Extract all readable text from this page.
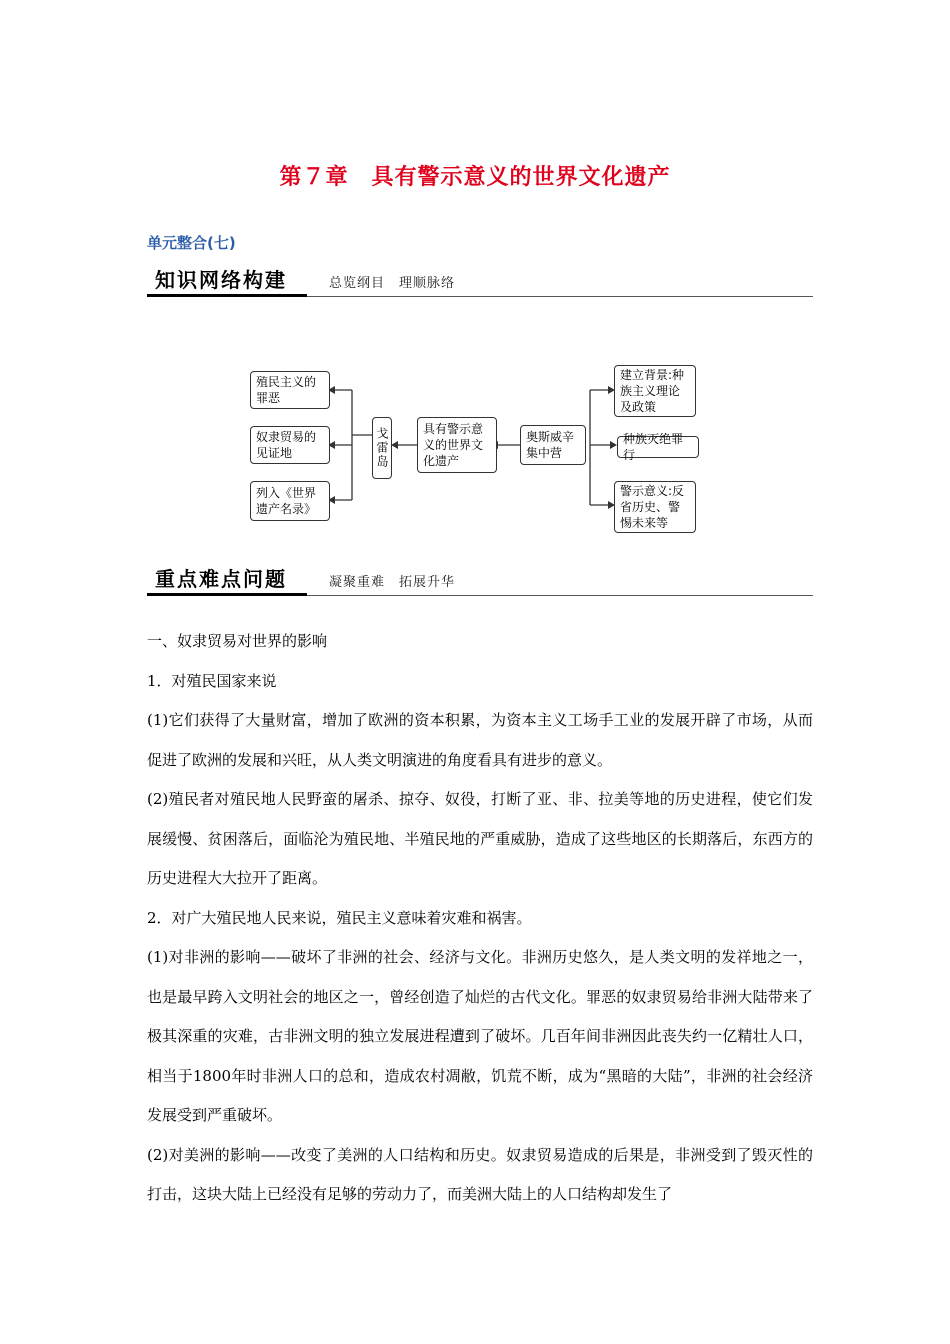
第７章　具有警示意义的世界文化遗产
单元整合(七)
知识网络构建	总览纲目　理顺脉络
殖民主义的罪恶
奴隶贸易的见证地
列入《世界遗产名录》
戈雷岛	具有警示意义的世界文化遗产
奥斯威辛集中营
建立背景:种族主义理论及政策
种族灭绝罪行
警示意义:反省历史、警惕未来等
重点难点问题	凝聚重难　拓展升华

一、奴隶贸易对世界的影响

1．对殖民国家来说

(1)它们获得了大量财富，增加了欧洲的资本积累，为资本主义工场手工业的发展开辟了市场，从而促进了欧洲的发展和兴旺，从人类文明演进的角度看具有进步的意义。

(2)殖民者对殖民地人民野蛮的屠杀、掠夺、奴役，打断了亚、非、拉美等地的历史进程，使它们发展缓慢、贫困落后，面临沦为殖民地、半殖民地的严重威胁，造成了这些地区的长期落后，东西方的历史进程大大拉开了距离。

2．对广大殖民地人民来说，殖民主义意味着灾难和祸害。

(1)对非洲的影响——破坏了非洲的社会、经济与文化。非洲历史悠久，是人类文明的发祥地之一，也是最早跨入文明社会的地区之一，曾经创造了灿烂的古代文化。罪恶的奴隶贸易给非洲大陆带来了极其深重的灾难，古非洲文明的独立发展进程遭到了破坏。几百年间非洲因此丧失约一亿精壮人口，相当于1800年时非洲人口的总和，造成农村凋敝，饥荒不断，成为“黑暗的大陆”，非洲的社会经济发展受到严重破坏。

(2)对美洲的影响——改变了美洲的人口结构和历史。奴隶贸易造成的后果是，非洲受到了毁灭性的打击，这块大陆上已经没有足够的劳动力了，而美洲大陆上的人口结构却发生了
